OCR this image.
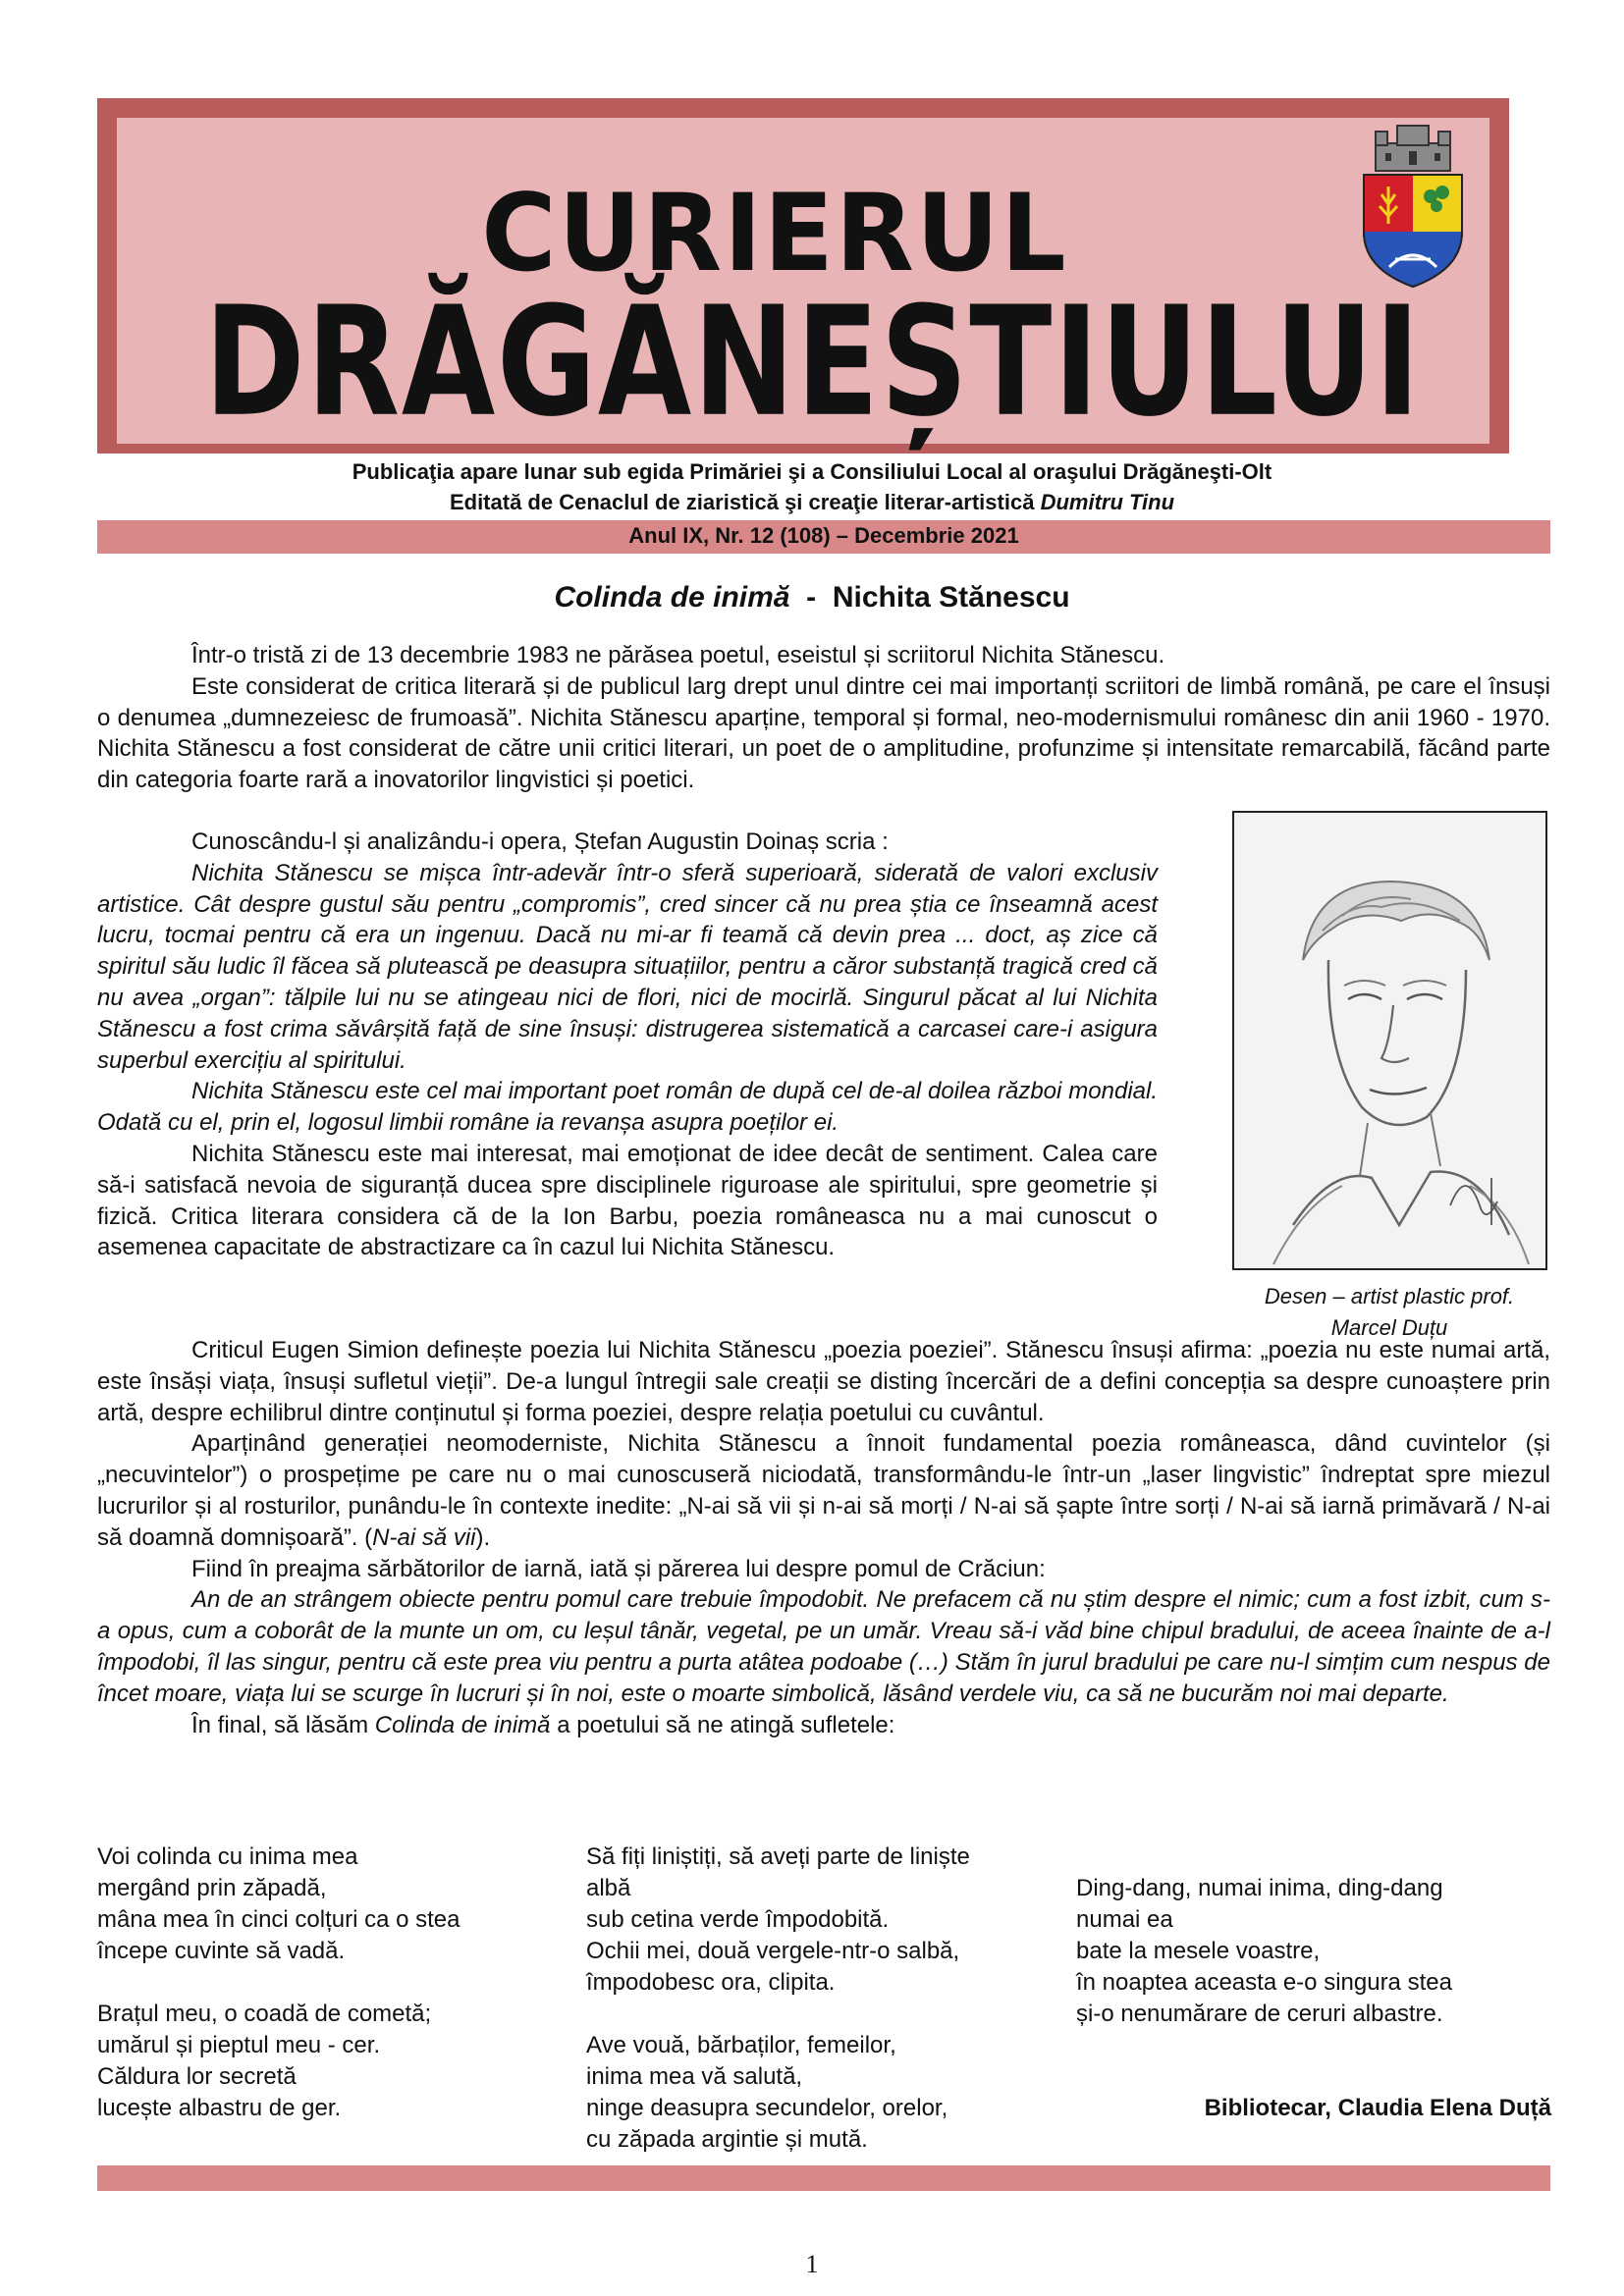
CURIERUL
DRĂGĂNEȘTIULUI
Publicaţia apare lunar sub egida Primăriei şi a Consiliului Local al oraşului Drăgăneşti-Olt
Editată de Cenaclul de ziaristică şi creaţie literar-artistică Dumitru Tinu
Anul IX, Nr. 12 (108) – Decembrie 2021
Colinda de inimă  -  Nichita Stănescu

Într-o tristă zi de 13 decembrie 1983 ne părăsea poetul, eseistul și scriitorul Nichita Stănescu.

Este considerat de critica literară și de publicul larg drept unul dintre cei mai importanți scriitori de limbă română, pe care el însuși o denumea „dumnezeiesc de frumoasă”. Nichita Stănescu aparține, temporal și formal, neo-modernismului românesc din anii 1960 - 1970. Nichita Stănescu a fost considerat de către unii critici literari, un poet de o amplitudine, profunzime și intensitate remarcabilă, făcând parte din categoria foarte rară a inovatorilor lingvistici și poetici.

Cunoscându-l și analizându-i opera, Ștefan Augustin Doinaș scria :

Nichita Stănescu se mișca într-adevăr într-o sferă superioară, siderată de valori exclusiv artistice. Cât despre gustul său pentru „compromis”, cred sincer că nu prea știa ce înseamnă acest lucru, tocmai pentru că era un ingenuu. Dacă nu mi-ar fi teamă că devin prea ... doct, aș zice că spiritul său ludic îl făcea să plutească pe deasupra situațiilor, pentru a căror substanță tragică cred că nu avea „organ”: tălpile lui nu se atingeau nici de flori, nici de mocirlă. Singurul păcat al lui Nichita Stănescu a fost crima săvârșită față de sine însuși: distrugerea sistematică a carcasei care-i asigura superbul exercițiu al spiritului.

Nichita Stănescu este cel mai important poet român de după cel de-al doilea război mondial. Odată cu el, prin el, logosul limbii române ia revanșa asupra poeților ei.

Nichita Stănescu este mai interesat, mai emoționat de idee decât de sentiment. Calea care să-i satisfacă nevoia de siguranță ducea spre disciplinele riguroase ale spiritului, spre geometrie și fizică. Critica literara considera că de la Ion Barbu, poezia româneasca nu a mai cunoscut o asemenea capacitate de abstractizare ca în cazul lui Nichita Stănescu.

Desen – artist plastic prof.
Marcel Duțu

Criticul Eugen Simion definește poezia lui Nichita Stănescu „poezia poeziei”. Stănescu însuși afirma: „poezia nu este numai artă, este însăși viața, însuși sufletul vieții”. De-a lungul întregii sale creații se disting încercări de a defini concepția sa despre cunoaștere prin artă, despre echilibrul dintre conținutul și forma poeziei, despre relația poetului cu cuvântul.

Aparținând generației neomoderniste, Nichita Stănescu a înnoit fundamental poezia româneasca, dând cuvintelor (și „necuvintelor”) o prospețime pe care nu o mai cunoscuseră niciodată, transformându-le într-un „laser lingvistic” îndreptat spre miezul lucrurilor și al rosturilor, punându-le în contexte inedite: „N-ai să vii și n-ai să morți / N-ai să șapte între sorți / N-ai să iarnă primăvară / N-ai să doamnă domnișoară”. (N-ai să vii).

Fiind în preajma sărbătorilor de iarnă, iată și părerea lui despre pomul de Crăciun:

An de an strângem obiecte pentru pomul care trebuie împodobit. Ne prefacem că nu știm despre el nimic; cum a fost izbit, cum s-a opus, cum a coborât de la munte un om, cu leșul tânăr, vegetal, pe un umăr. Vreau să-i văd bine chipul bradului, de aceea înainte de a-l împodobi, îl las singur, pentru că este prea viu pentru a purta atâtea podoabe (…) Stăm în jurul bradului pe care nu-l simțim cum nespus de încet moare, viața lui se scurge în lucruri și în noi, este o moarte simbolică, lăsând verdele viu, ca să ne bucurăm noi mai departe.

În final, să lăsăm Colinda de inimă a poetului să ne atingă sufletele:

Voi colinda cu inima mea
mergând prin zăpadă,
mâna mea în cinci colțuri ca o stea
începe cuvinte să vadă.

Brațul meu, o coadă de cometă;
umărul și pieptul meu - cer.
Căldura lor secretă
lucește albastru de ger.

Să fiți liniștiți, să aveți parte de liniște
albă
sub cetina verde împodobită.
Ochii mei, două vergele-ntr-o salbă,
împodobesc ora, clipita.

Ave vouă, bărbaților, femeilor,
inima mea vă salută,
ninge deasupra secundelor, orelor,
cu zăpada argintie și mută.

Ding-dang, numai inima, ding-dang
numai ea
bate la mesele voastre,
în noaptea aceasta e-o singura stea
și-o nenumărare de ceruri albastre.

Bibliotecar, Claudia Elena Duță
1
